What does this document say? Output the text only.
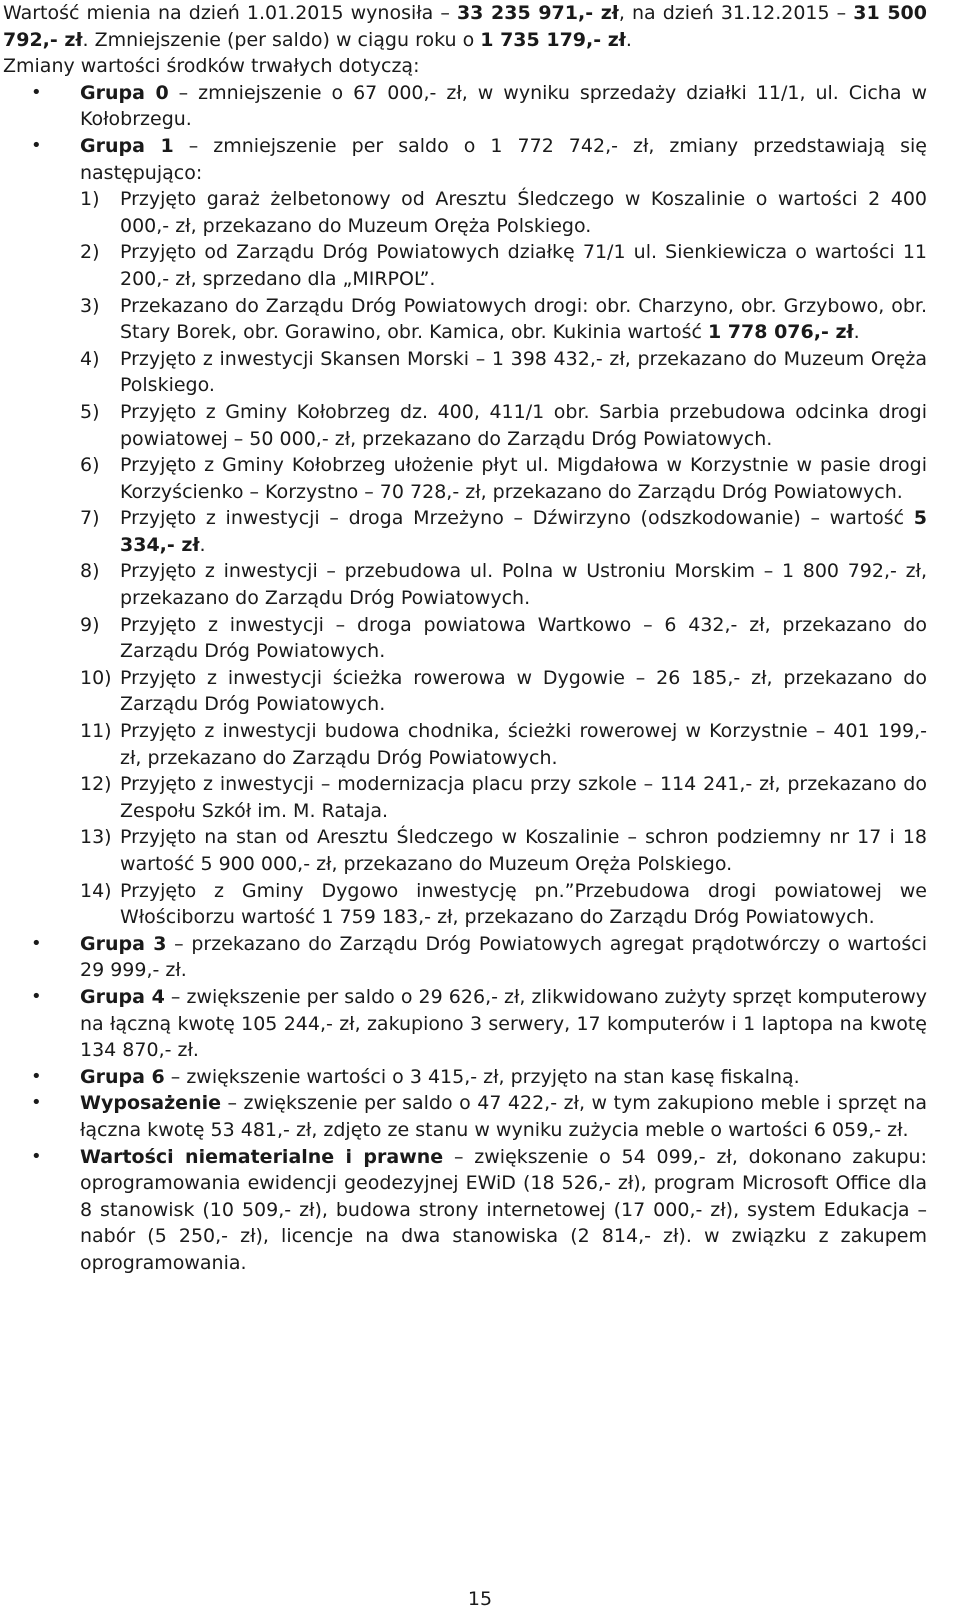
Wartość mienia na dzień 1.01.2015 wynosiła – 33 235 971,- zł, na dzień 31.12.2015 – 31 500 792,- zł. Zmniejszenie (per saldo) w ciągu roku o 1 735 179,- zł.

Zmiany wartości środków trwałych dotyczą:

• Grupa 0 – zmniejszenie o 67 000,- zł, w wyniku sprzedaży działki 11/1, ul. Cicha w Kołobrzegu.
• Grupa 1 – zmniejszenie per saldo o 1 772 742,- zł, zmiany przedstawiają się następująco:
1) Przyjęto garaż żelbetonowy od Aresztu Śledczego w Koszalinie o wartości 2 400 000,- zł, przekazano do Muzeum Oręża Polskiego.
2) Przyjęto od Zarządu Dróg Powiatowych działkę 71/1 ul. Sienkiewicza o wartości 11 200,- zł, sprzedano dla „MIRPOL”.
3) Przekazano do Zarządu Dróg Powiatowych drogi: obr. Charzyno, obr. Grzybowo, obr. Stary Borek, obr. Gorawino, obr. Kamica, obr. Kukinia wartość 1 778 076,- zł.
4) Przyjęto z inwestycji Skansen Morski – 1 398 432,- zł, przekazano do Muzeum Oręża Polskiego.
5) Przyjęto z Gminy Kołobrzeg dz. 400, 411/1 obr. Sarbia przebudowa odcinka drogi powiatowej – 50 000,- zł, przekazano do Zarządu Dróg Powiatowych.
6) Przyjęto z Gminy Kołobrzeg ułożenie płyt ul. Migdałowa w Korzystnie w pasie drogi Korzyścienko – Korzystno – 70 728,- zł, przekazano do Zarządu Dróg Powiatowych.
7) Przyjęto z inwestycji – droga Mrzeżyno – Dźwirzyno (odszkodowanie) – wartość 5 334,- zł.
8) Przyjęto z inwestycji – przebudowa ul. Polna w Ustroniu Morskim – 1 800 792,- zł, przekazano do Zarządu Dróg Powiatowych.
9) Przyjęto z inwestycji – droga powiatowa Wartkowo – 6 432,- zł, przekazano do Zarządu Dróg Powiatowych.
10) Przyjęto z inwestycji ścieżka rowerowa w Dygowie – 26 185,- zł, przekazano do Zarządu Dróg Powiatowych.
11) Przyjęto z inwestycji budowa chodnika, ścieżki rowerowej w Korzystnie – 401 199,- zł, przekazano do Zarządu Dróg Powiatowych.
12) Przyjęto z inwestycji – modernizacja placu przy szkole – 114 241,- zł, przekazano do Zespołu Szkół im. M. Rataja.
13) Przyjęto na stan od Aresztu Śledczego w Koszalinie – schron podziemny nr 17 i 18 wartość 5 900 000,- zł, przekazano do Muzeum Oręża Polskiego.
14) Przyjęto z Gminy Dygowo inwestycję pn.”Przebudowa drogi powiatowej we Włościborzu wartość 1 759 183,- zł, przekazano do Zarządu Dróg Powiatowych.
• Grupa 3 – przekazano do Zarządu Dróg Powiatowych agregat prądotwórczy o wartości 29 999,- zł.
• Grupa 4 – zwiększenie per saldo o 29 626,- zł, zlikwidowano zużyty sprzęt komputerowy na łączną kwotę 105 244,- zł, zakupiono 3 serwery, 17 komputerów i 1 laptopa na kwotę 134 870,- zł.
• Grupa 6 – zwiększenie wartości o 3 415,- zł, przyjęto na stan kasę fiskalną.
• Wyposażenie – zwiększenie per saldo o 47 422,- zł, w tym zakupiono meble i sprzęt na łączna kwotę 53 481,- zł, zdjęto ze stanu w wyniku zużycia meble o wartości 6 059,- zł.
• Wartości niematerialne i prawne – zwiększenie o 54 099,- zł, dokonano zakupu: oprogramowania ewidencji geodezyjnej EWiD (18 526,- zł), program Microsoft Office dla 8 stanowisk (10 509,- zł), budowa strony internetowej (17 000,- zł), system Edukacja – nabór (5 250,- zł), licencje na dwa stanowiska (2 814,- zł). w związku z zakupem oprogramowania.
15
